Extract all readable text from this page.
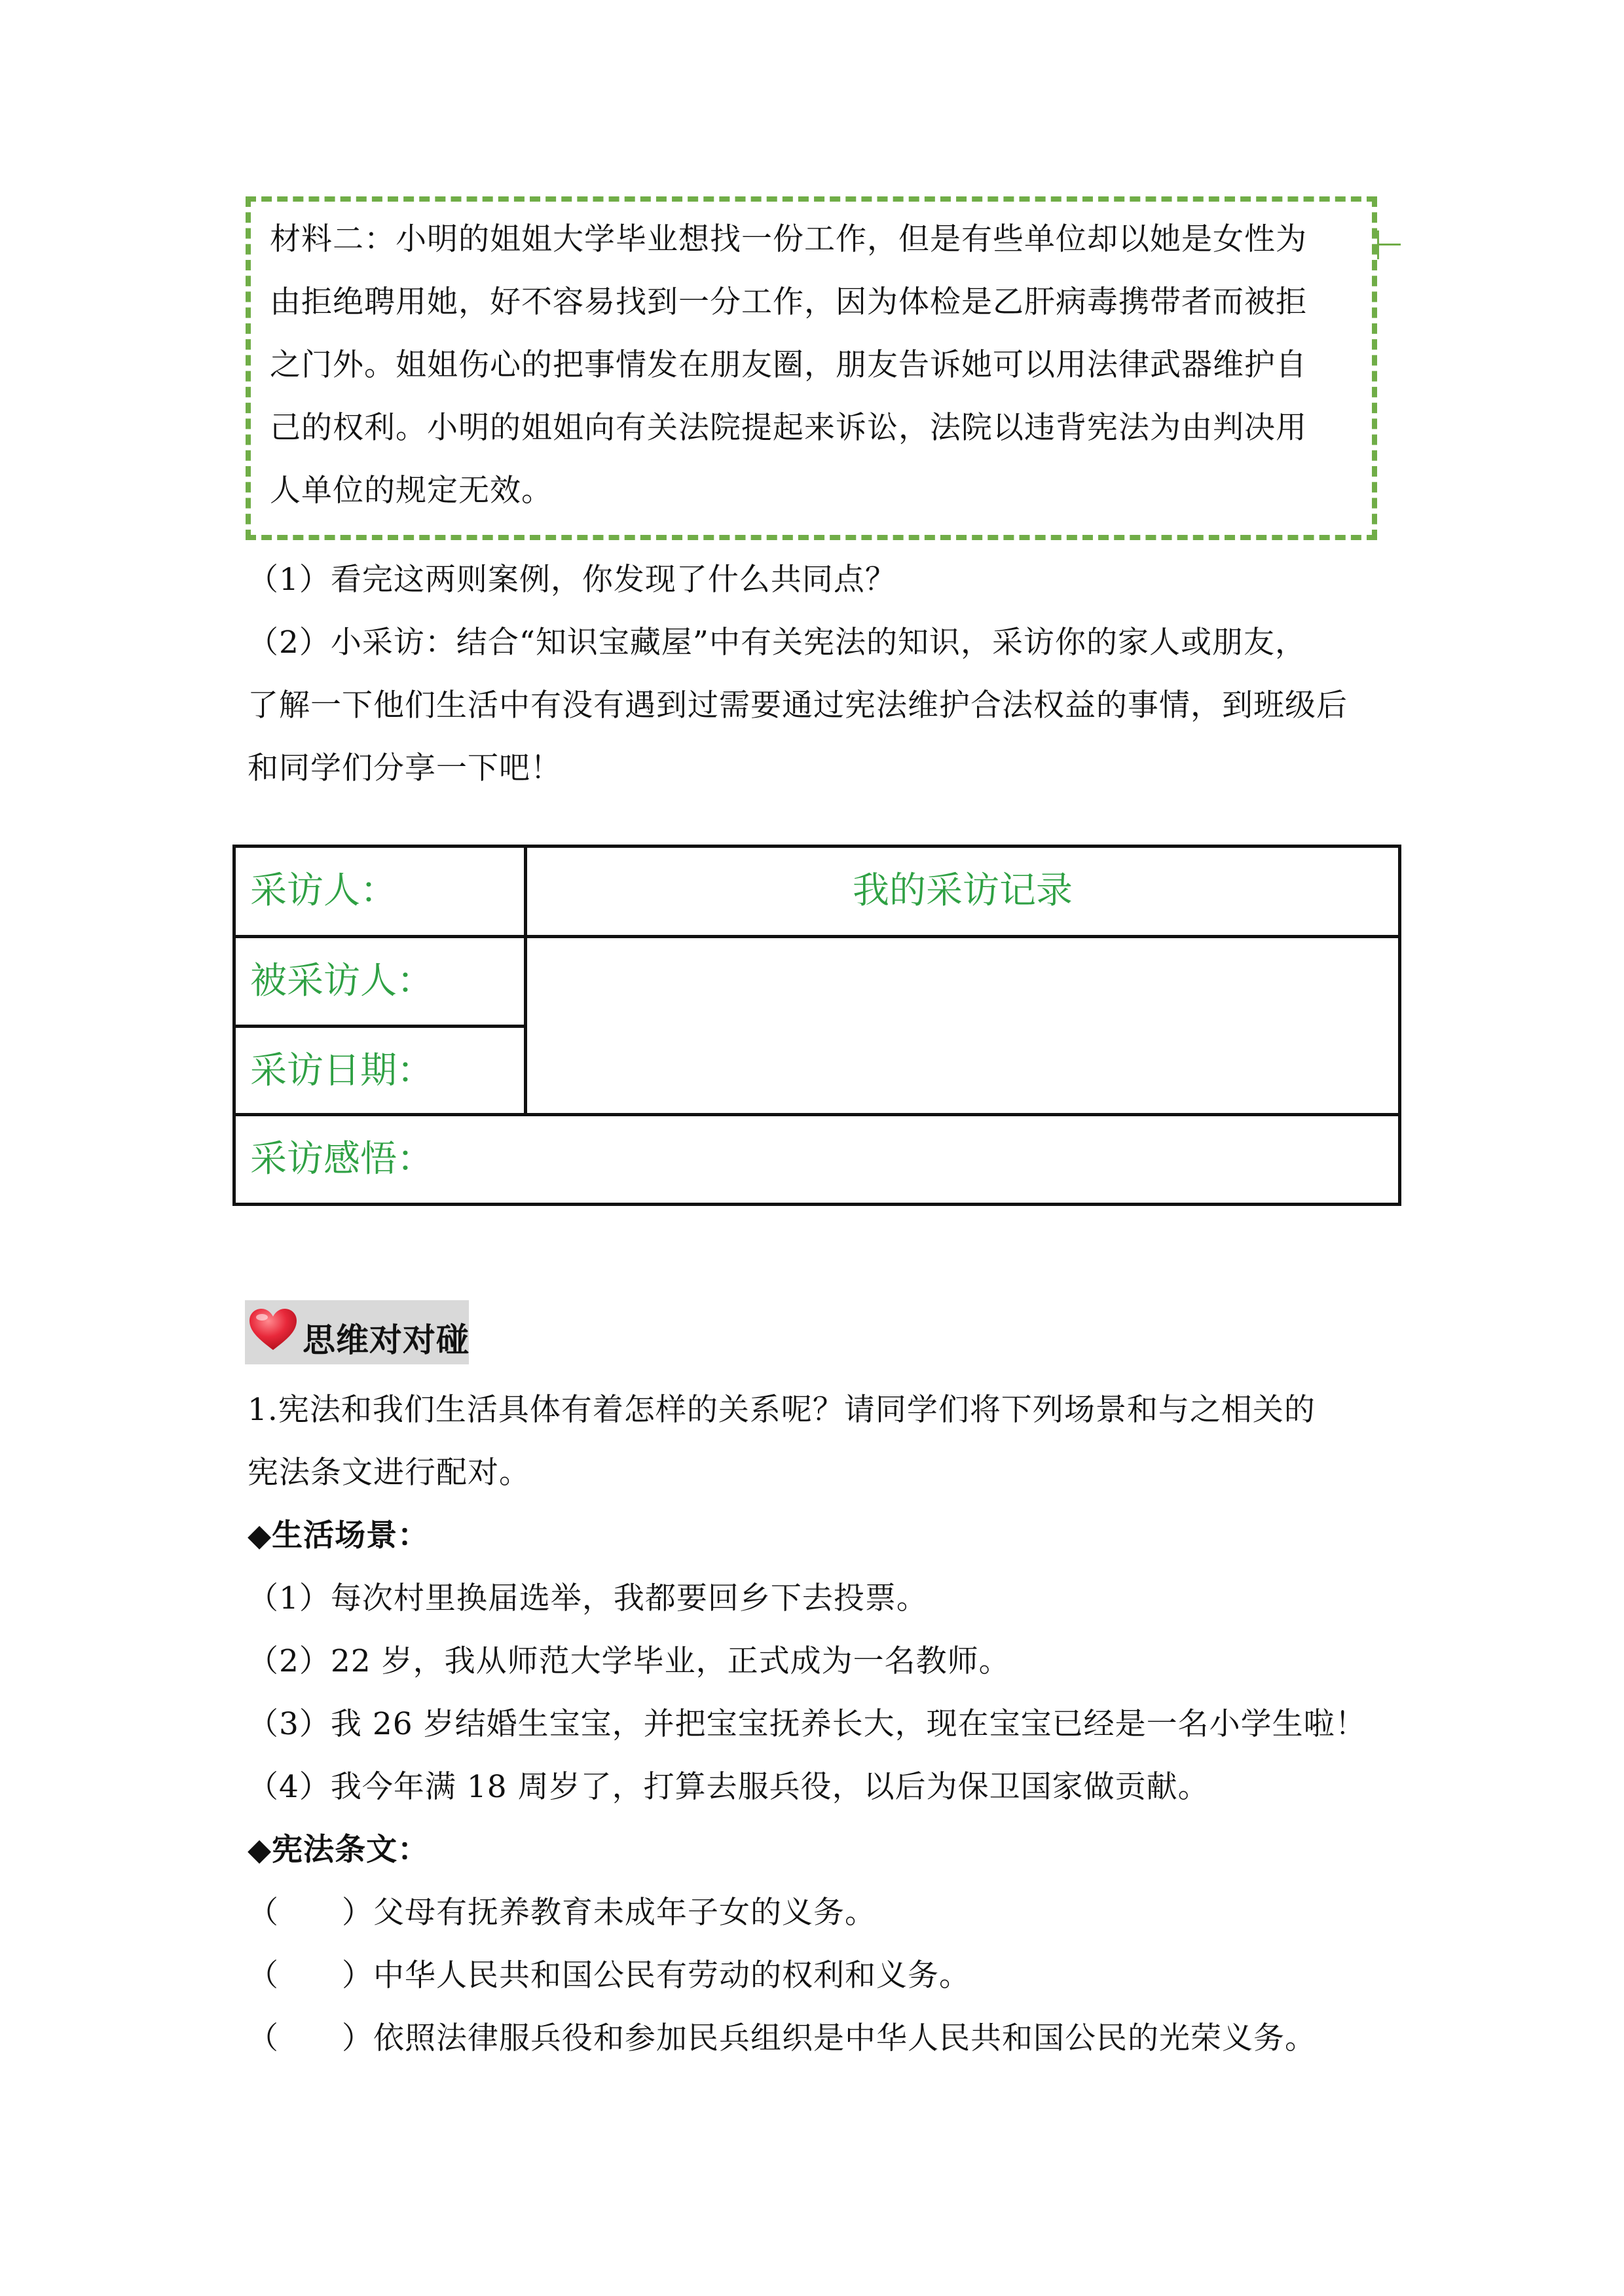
材料二：小明的姐姐大学毕业想找一份工作，但是有些单位却以她是女性为
由拒绝聘用她，好不容易找到一分工作，因为体检是乙肝病毒携带者而被拒
之门外。姐姐伤心的把事情发在朋友圈，朋友告诉她可以用法律武器维护自
己的权利。小明的姐姐向有关法院提起来诉讼，法院以违背宪法为由判决用
人单位的规定无效。

（1）看完这两则案例，你发现了什么共同点？

（2）小采访：结合“知识宝藏屋”中有关宪法的知识，采访你的家人或朋友，

了解一下他们生活中有没有遇到过需要通过宪法维护合法权益的事情，到班级后

和同学们分享一下吧！

采访人：	我的采访记录
被采访人：
采访日期：
采访感悟：
思维对对碰

1.宪法和我们生活具体有着怎样的关系呢？请同学们将下列场景和与之相关的

宪法条文进行配对。

◆生活场景：

（1）每次村里换届选举，我都要回乡下去投票。

（2）22 岁，我从师范大学毕业，正式成为一名教师。

（3）我 26 岁结婚生宝宝，并把宝宝抚养长大，现在宝宝已经是一名小学生啦！

（4）我今年满 18 周岁了，打算去服兵役，以后为保卫国家做贡献。

◆宪法条文：

（　　）父母有抚养教育未成年子女的义务。

（　　）中华人民共和国公民有劳动的权利和义务。

（　　）依照法律服兵役和参加民兵组织是中华人民共和国公民的光荣义务。
